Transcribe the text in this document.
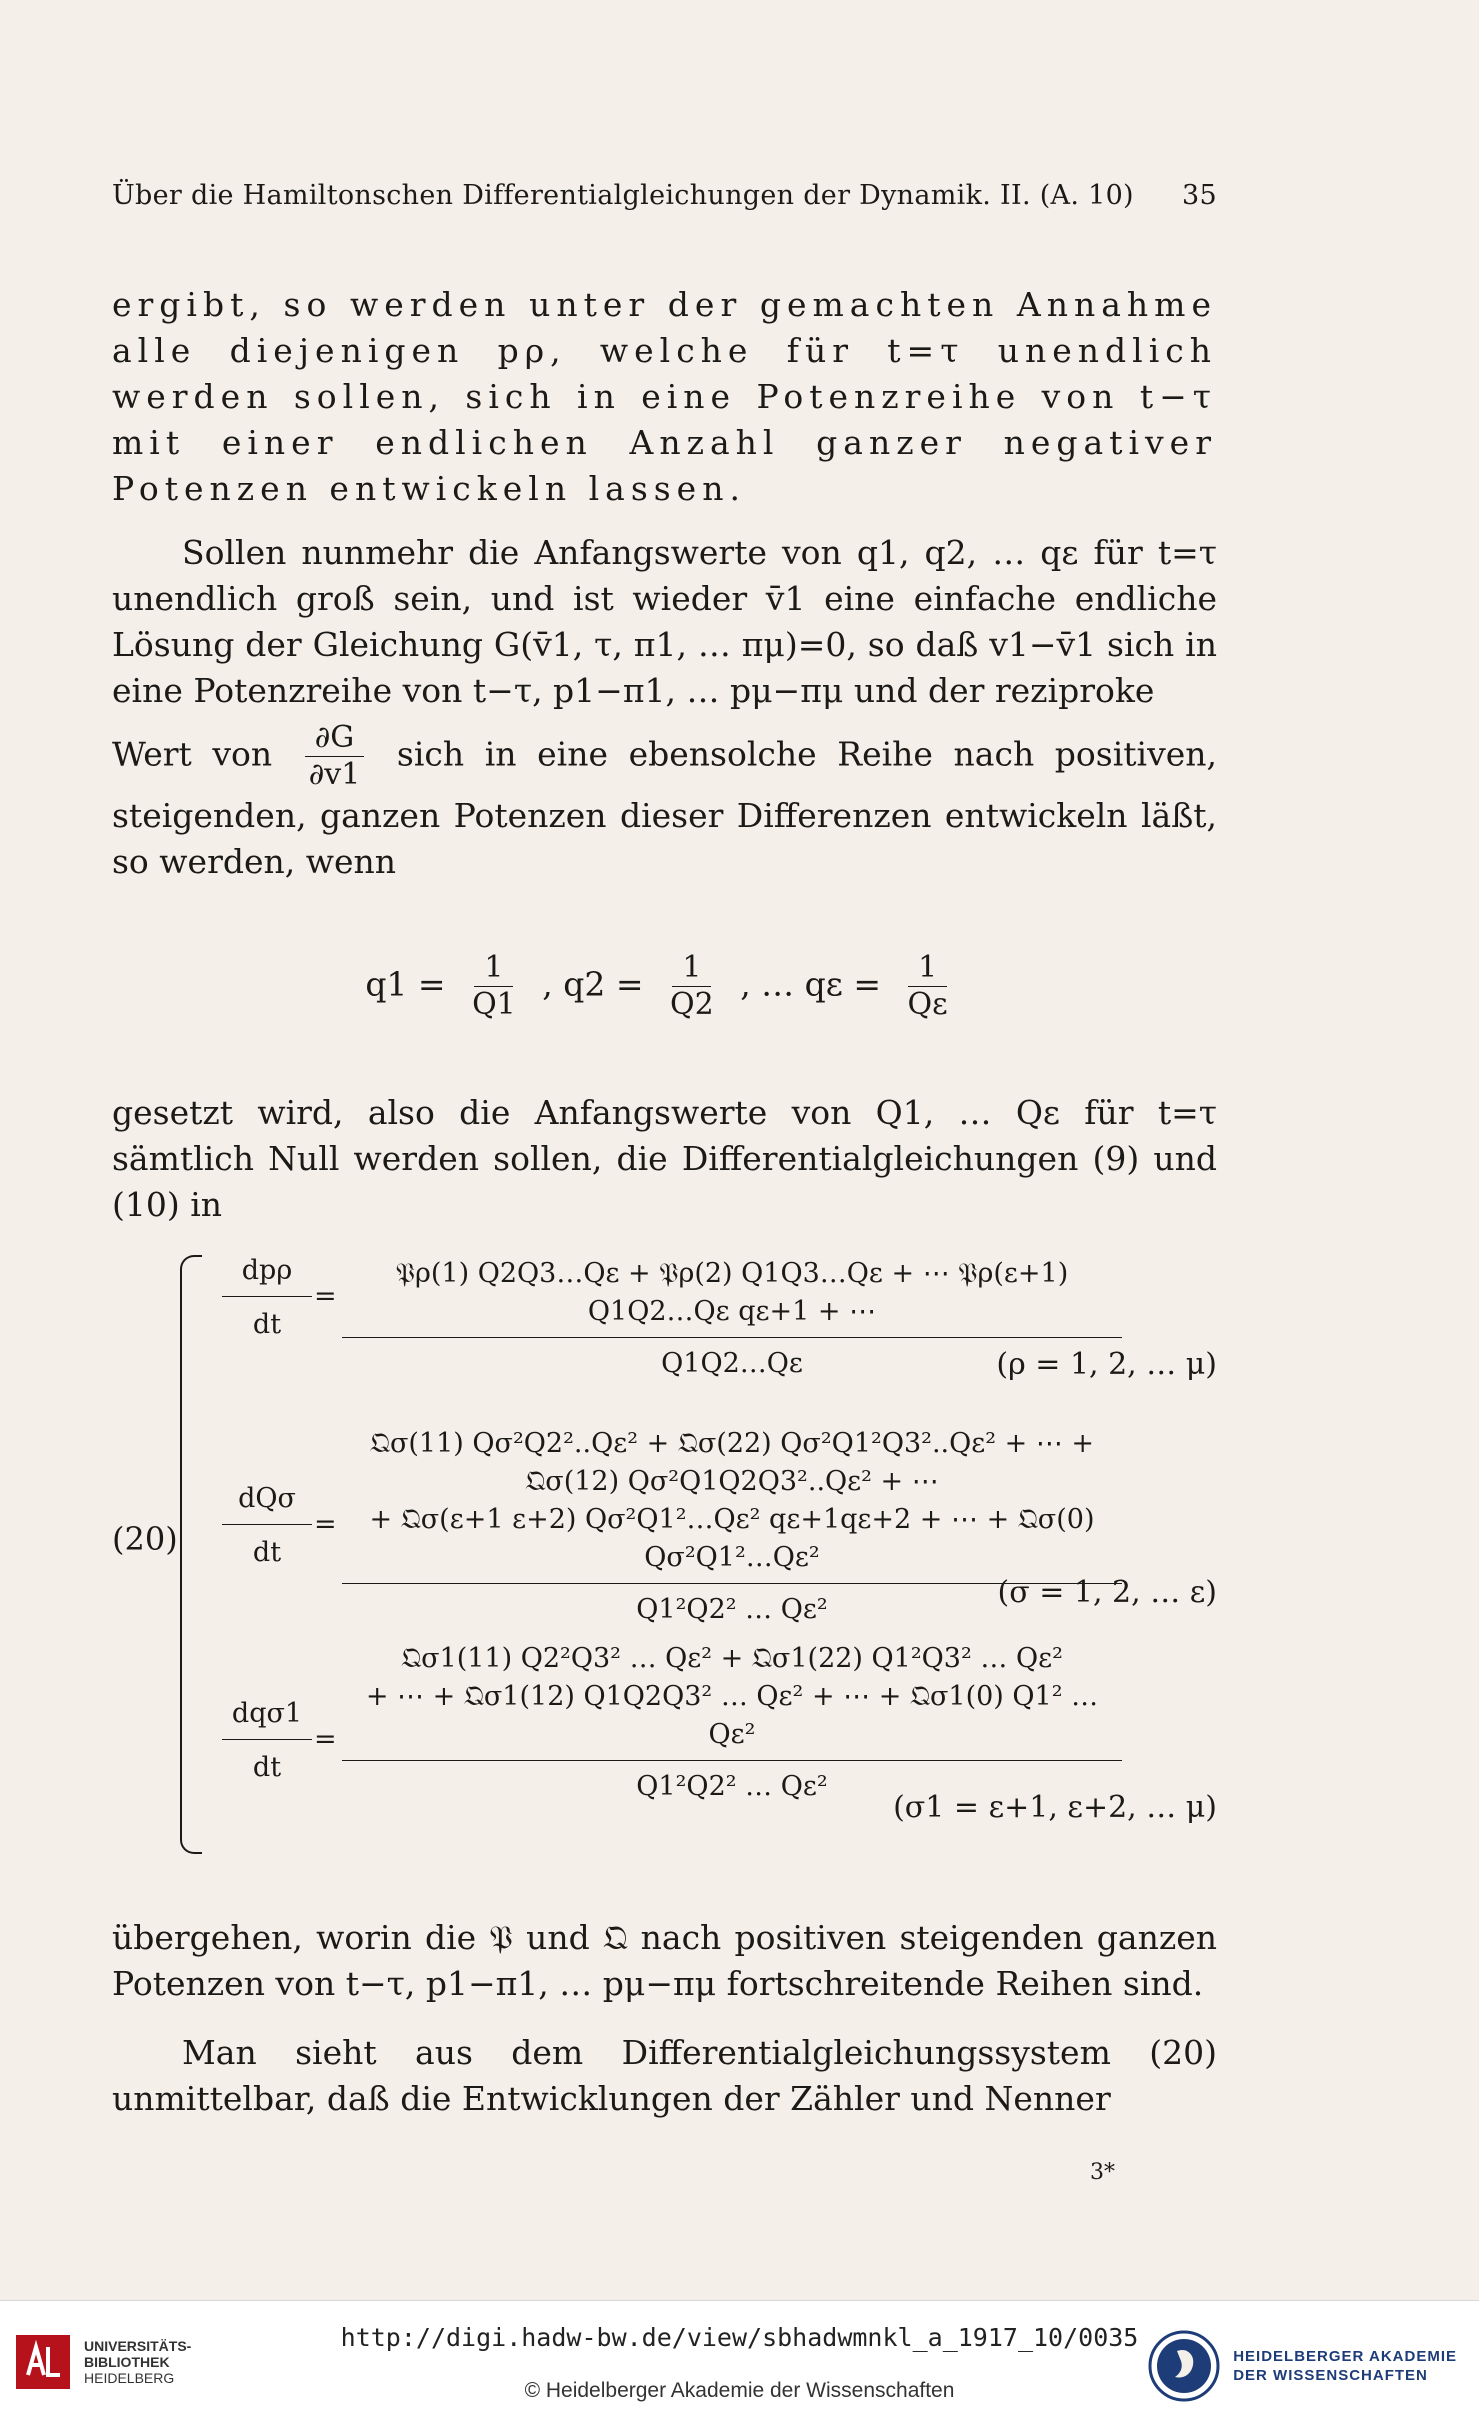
Über die Hamiltonschen Differentialgleichungen der Dynamik. II. (A. 10) 35

ergibt, so werden unter der gemachten Annahme alle diejenigen pρ, welche für t=τ unendlich werden sollen, sich in eine Potenzreihe von t−τ mit einer endlichen Anzahl ganzer negativer Potenzen entwickeln lassen.

Sollen nunmehr die Anfangswerte von q1, q2, … qε für t=τ unendlich groß sein, und ist wieder v̄1 eine einfache endliche Lösung der Gleichung G(v̄1, τ, π1, … πμ)=0, so daß v1−v̄1 sich in eine Potenzreihe von t−τ, p1−π1, … pμ−πμ und der reziproke

Wert von $\frac{\partial G}{\partial v1}$ sich in eine ebensolche Reihe nach positiven, steigenden, ganzen Potenzen dieser Differenzen entwickeln läßt, so werden, wenn

$q1 = \frac{1}{Q1}$ , $q2 = \frac{1}{Q2}$ , … $q\varepsilon = \frac{1}{Q\varepsilon}$

gesetzt wird, also die Anfangswerte von Q1, … Qε für t=τ sämtlich Null werden sollen, die Differentialgleichungen (9) und (10) in

(20)
dpρ
dt
=
𝔓ρ(1) Q2Q3…Qε + 𝔓ρ(2) Q1Q3…Qε + ⋯ 𝔓ρ(ε+1) Q1Q2…Qε qε+1 + ⋯
Q1Q2…Qε	(ρ = 1, 2, … μ)
dQσ
dt
=
𝔔σ(11) Qσ²Q2²..Qε² + 𝔔σ(22) Qσ²Q1²Q3²..Qε² + ⋯ + 𝔔σ(12) Qσ²Q1Q2Q3²..Qε² + ⋯
+ 𝔔σ(ε+1 ε+2) Qσ²Q1²…Qε² qε+1qε+2 + ⋯ + 𝔔σ(0) Qσ²Q1²…Qε²
Q1²Q2² … Qε²	(σ = 1, 2, … ε)
dqσ1
dt
=
𝔔σ1(11) Q2²Q3² … Qε² + 𝔔σ1(22) Q1²Q3² … Qε²
+ ⋯ + 𝔔σ1(12) Q1Q2Q3² … Qε² + ⋯ + 𝔔σ1(0) Q1² … Qε²
Q1²Q2² … Qε²
(σ1 = ε+1, ε+2, … μ)

übergehen, worin die 𝔓 und 𝔔 nach positiven steigenden ganzen Potenzen von t−τ, p1−π1, … pμ−πμ fortschreitende Reihen sind.

Man sieht aus dem Differentialgleichungssystem (20) unmittelbar, daß die Entwicklungen der Zähler und Nenner

3*
UNIVERSITÄTS-
BIBLIOTHEK
HEIDELBERG
http://digi.hadw-bw.de/view/sbhadwmnkl_a_1917_10/0035
© Heidelberger Akademie der Wissenschaften
HEIDELBERGER AKADEMIE
DER WISSENSCHAFTEN
